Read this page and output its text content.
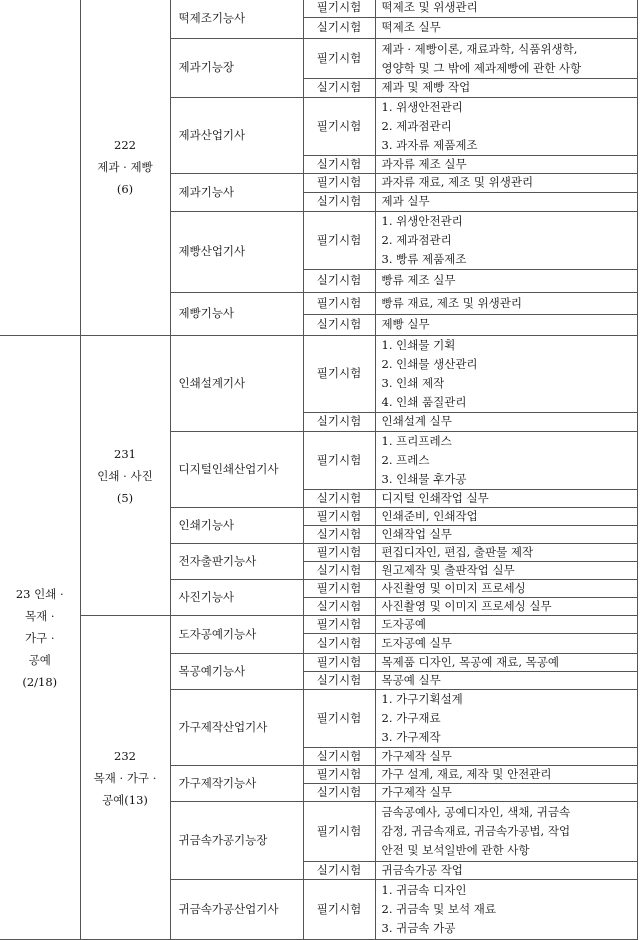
	222
제과 · 제빵
(6)	떡제조기능사	필기시험	떡제조 및 위생관리

			실기시험	떡제조 실무

		제과기능장	필기시험	제과 · 제빵이론, 재료과학, 식품위생학,
영양학 및 그 밖에 제과제빵에 관한 사항

			실기시험	제과 및 제빵 작업

		제과산업기사	필기시험	1. 위생안전관리
2. 제과점관리
3. 과자류 제품제조

			실기시험	과자류 제조 실무

		제과기능사	필기시험	과자류 재료, 제조 및 위생관리

			실기시험	제과 실무

		제빵산업기사	필기시험	1. 위생안전관리
2. 제과점관리
3. 빵류 제품제조

			실기시험	빵류 제조 실무

		제빵기능사	필기시험	빵류 재료, 제조 및 위생관리

			실기시험	제빵 실무

23 인쇄 ·
목재 ·
가구 ·
공예
(2/18)	231
인쇄 · 사진
(5)	인쇄설계기사	필기시험	1. 인쇄물 기획
2. 인쇄물 생산관리
3. 인쇄 제작
4. 인쇄 품질관리

			실기시험	인쇄설계 실무

		디지털인쇄산업기사	필기시험	1. 프리프레스
2. 프레스
3. 인쇄물 후가공

			실기시험	디지털 인쇄작업 실무

		인쇄기능사	필기시험	인쇄준비, 인쇄작업

			실기시험	인쇄작업 실무

		전자출판기능사	필기시험	편집디자인, 편집, 출판물 제작

			실기시험	원고제작 및 출판작업 실무

		사진기능사	필기시험	사진촬영 및 이미지 프로세싱

			실기시험	사진촬영 및 이미지 프로세싱 실무

	232
목재 · 가구 ·
공예(13)	도자공예기능사	필기시험	도자공예

			실기시험	도자공예 실무

		목공예기능사	필기시험	목제품 디자인, 목공예 재료, 목공예

			실기시험	목공예 실무

		가구제작산업기사	필기시험	1. 가구기획설계
2. 가구재료
3. 가구제작

			실기시험	가구제작 실무

		가구제작기능사	필기시험	가구 설계, 재료, 제작 및 안전관리

			실기시험	가구제작 실무

		귀금속가공기능장	필기시험	금속공예사, 공예디자인, 색채, 귀금속
감정, 귀금속재료, 귀금속가공법, 작업
안전 및 보석일반에 관한 사항

			실기시험	귀금속가공 작업

		귀금속가공산업기사	필기시험	1. 귀금속 디자인
2. 귀금속 및 보석 재료
3. 귀금속 가공
